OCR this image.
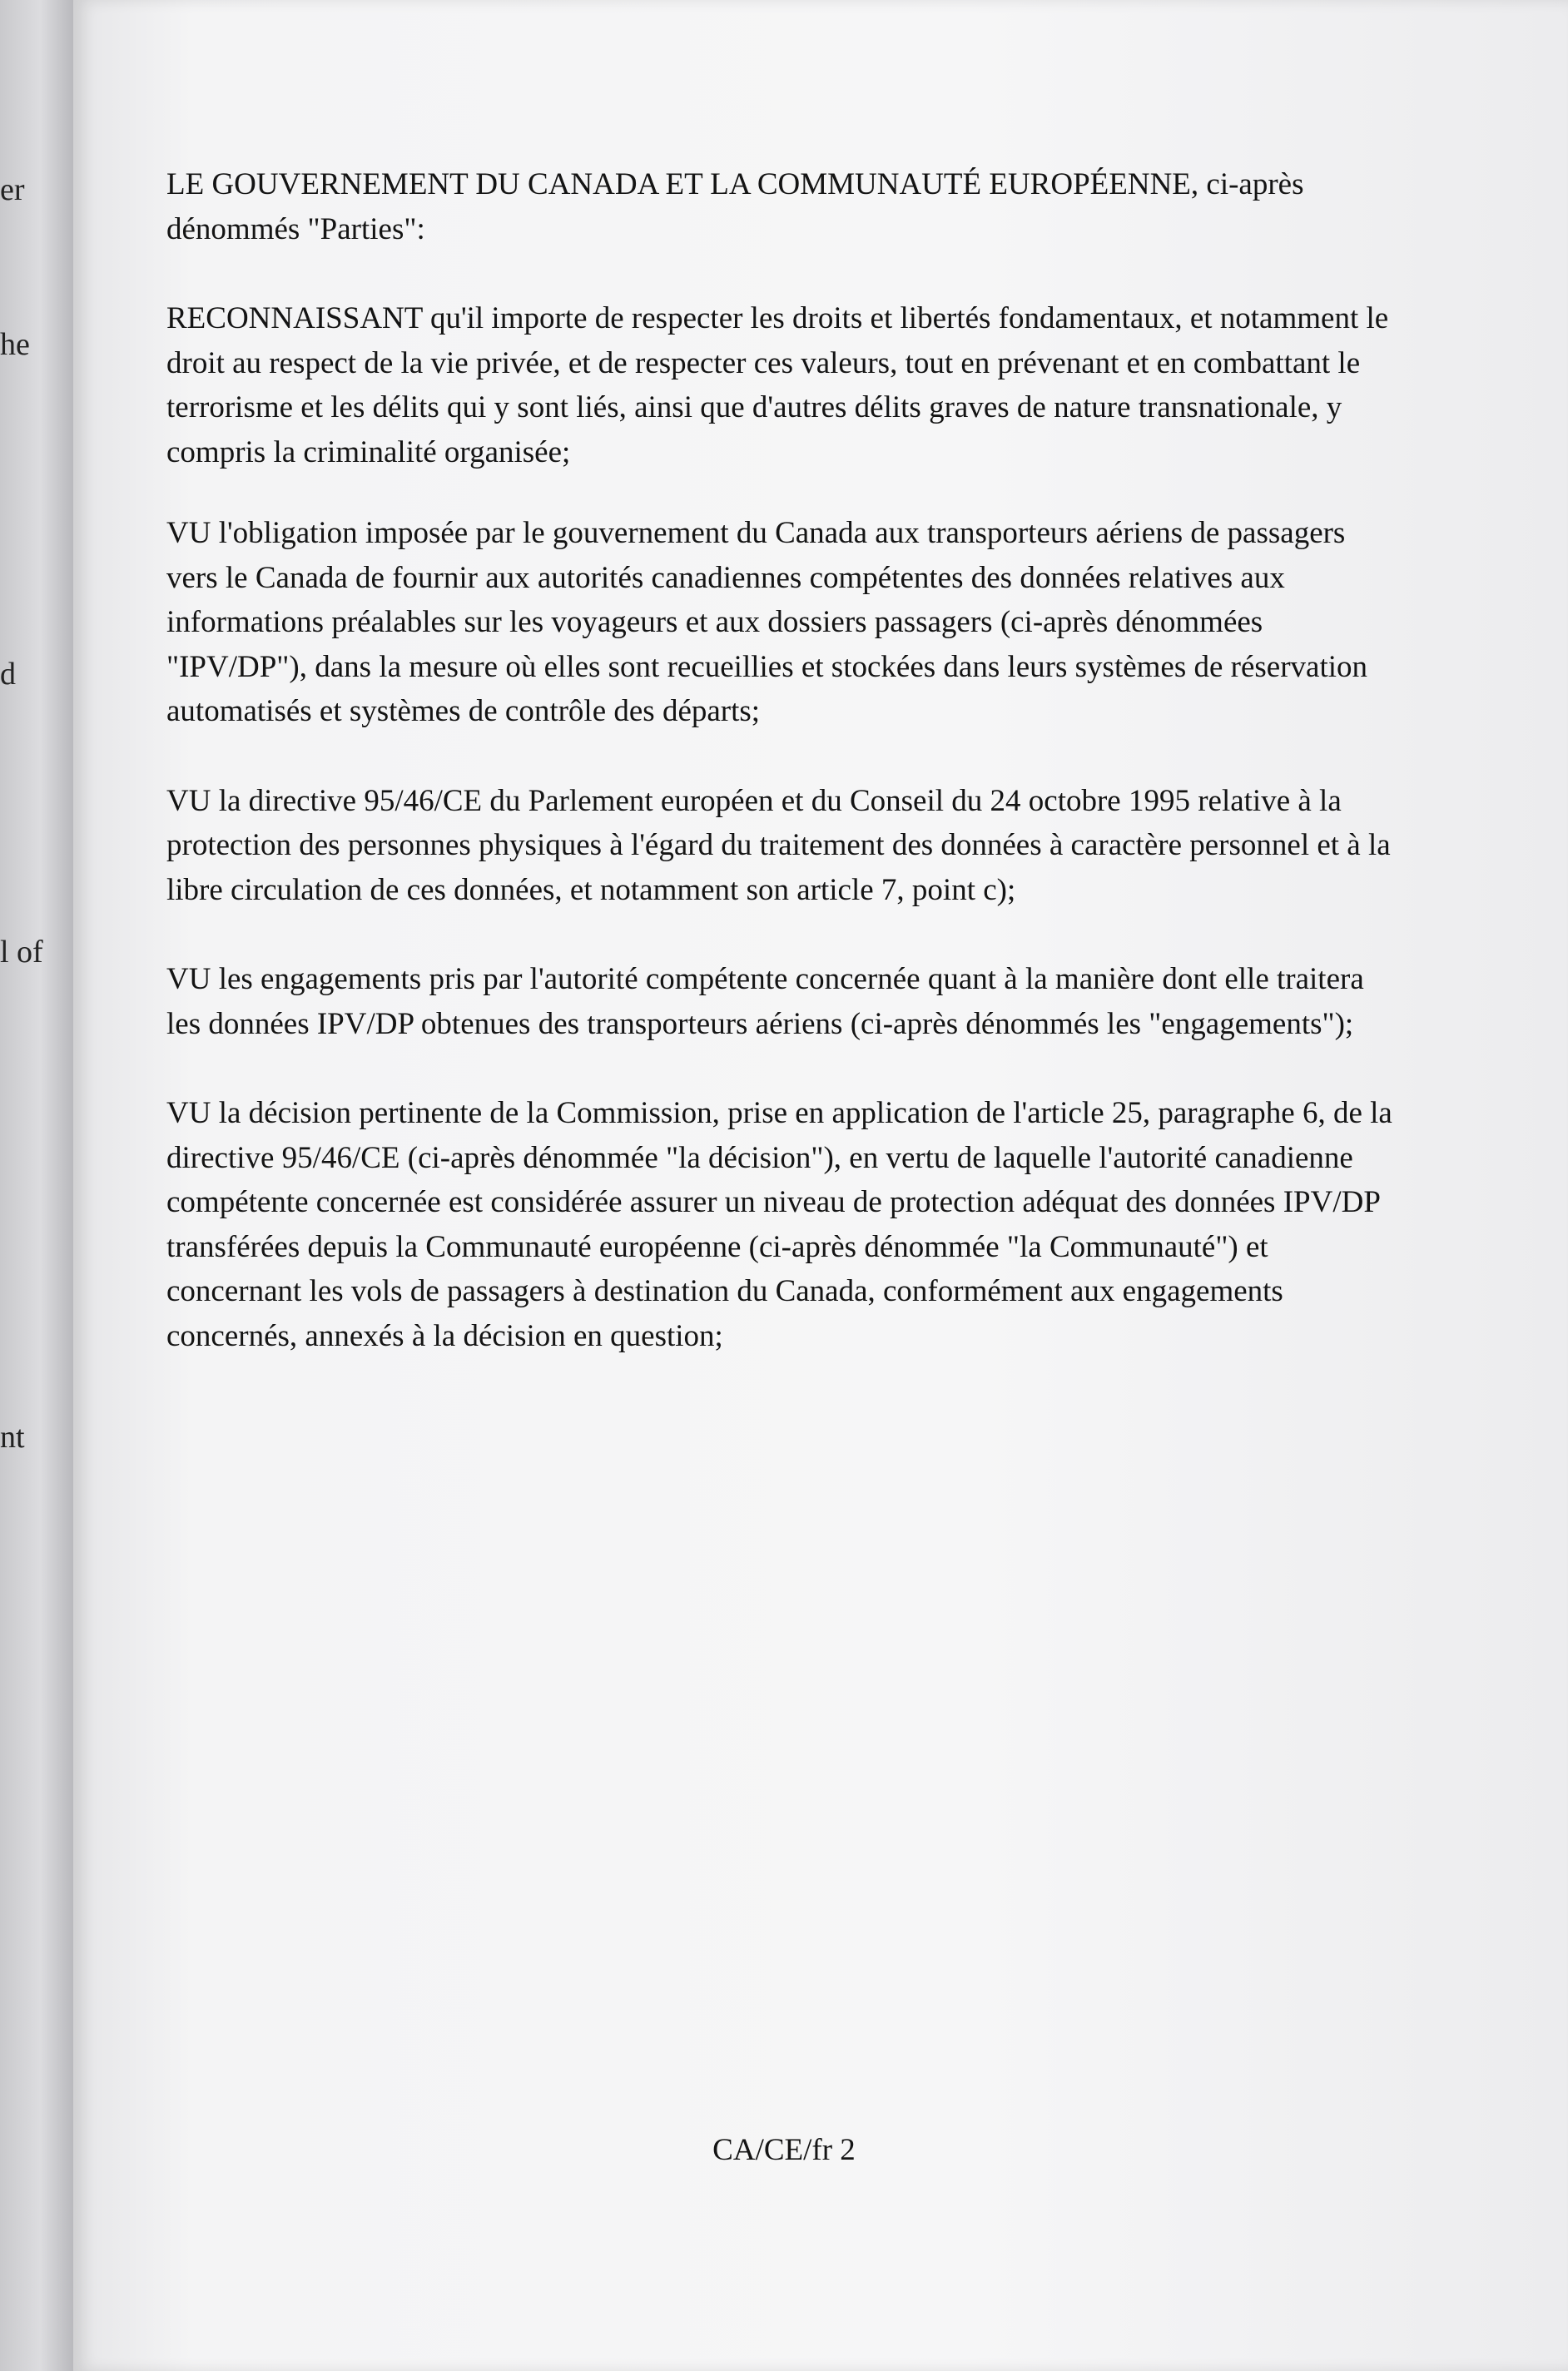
er
he
d
l of
nt

LE GOUVERNEMENT DU CANADA ET LA COMMUNAUTÉ EUROPÉENNE, ci-après
dénommés "Parties":

RECONNAISSANT qu'il importe de respecter les droits et libertés fondamentaux, et notamment le
droit au respect de la vie privée, et de respecter ces valeurs, tout en prévenant et en combattant le
terrorisme et les délits qui y sont liés, ainsi que d'autres délits graves de nature transnationale, y
compris la criminalité organisée;

VU l'obligation imposée par le gouvernement du Canada aux transporteurs aériens de passagers
vers le Canada de fournir aux autorités canadiennes compétentes des données relatives aux
informations préalables sur les voyageurs et aux dossiers passagers (ci-après dénommées
"IPV/DP"), dans la mesure où elles sont recueillies et stockées dans leurs systèmes de réservation
automatisés et systèmes de contrôle des départs;

VU la directive 95/46/CE du Parlement européen et du Conseil du 24 octobre 1995 relative à la
protection des personnes physiques à l'égard du traitement des données à caractère personnel et à la
libre circulation de ces données, et notamment son article 7, point c);

VU les engagements pris par l'autorité compétente concernée quant à la manière dont elle traitera
les données IPV/DP obtenues des transporteurs aériens (ci-après dénommés les "engagements");

VU la décision pertinente de la Commission, prise en application de l'article 25, paragraphe 6, de la
directive 95/46/CE (ci-après dénommée "la décision"), en vertu de laquelle l'autorité canadienne
compétente concernée est considérée assurer un niveau de protection adéquat des données IPV/DP
transférées depuis la Communauté européenne (ci-après dénommée "la Communauté") et
concernant les vols de passagers à destination du Canada, conformément aux engagements
concernés, annexés à la décision en question;

CA/CE/fr 2
